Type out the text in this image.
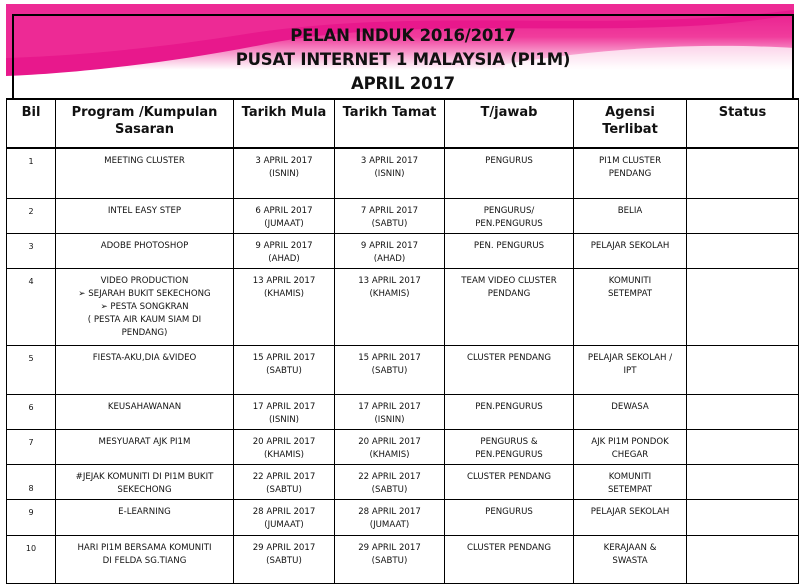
PELAN INDUK 2016/2017
PUSAT INTERNET 1 MALAYSIA (PI1M)
APRIL 2017
Bil	Program /Kumpulan Sasaran	Tarikh Mula	Tarikh Tamat	T/jawab	Agensi Terlibat	Status
1	MEETING CLUSTER	3 APRIL 2017
(ISNIN)	3 APRIL 2017
(ISNIN)	PENGURUS	PI1M CLUSTER
PENDANG	

2	INTEL EASY STEP	6 APRIL 2017
(JUMAAT)	7 APRIL 2017
(SABTU)	PENGURUS/
PEN.PENGURUS	BELIA	

3	ADOBE PHOTOSHOP	9 APRIL 2017
(AHAD)	9 APRIL 2017
(AHAD)	PEN. PENGURUS	PELAJAR SEKOLAH	

4	VIDEO PRODUCTION
➢ SEJARAH BUKIT SEKECHONG
➢ PESTA SONGKRAN
( PESTA AIR KAUM SIAM DI
PENDANG)	13 APRIL 2017
(KHAMIS)	13 APRIL 2017
(KHAMIS)	TEAM VIDEO CLUSTER
PENDANG	KOMUNITI
SETEMPAT	

5	FIESTA-AKU,DIA &VIDEO	15 APRIL 2017
(SABTU)	15 APRIL 2017
(SABTU)	CLUSTER PENDANG	PELAJAR SEKOLAH /
IPT	

6	KEUSAHAWANAN	17 APRIL 2017
(ISNIN)	17 APRIL 2017
(ISNIN)	PEN.PENGURUS	DEWASA	

7	MESYUARAT AJK PI1M	20 APRIL 2017
(KHAMIS)	20 APRIL 2017
(KHAMIS)	PENGURUS &
PEN.PENGURUS	AJK PI1M PONDOK
CHEGAR	

8	#JEJAK KOMUNITI DI PI1M BUKIT
SEKECHONG	22 APRIL 2017
(SABTU)	22 APRIL 2017
(SABTU)	CLUSTER PENDANG	KOMUNITI
SETEMPAT	

9	E-LEARNING	28 APRIL 2017
(JUMAAT)	28 APRIL 2017
(JUMAAT)	PENGURUS	PELAJAR SEKOLAH	

10	HARI PI1M BERSAMA KOMUNITI
DI FELDA SG.TIANG	29 APRIL 2017
(SABTU)	29 APRIL 2017
(SABTU)	CLUSTER PENDANG	KERAJAAN &
SWASTA	
